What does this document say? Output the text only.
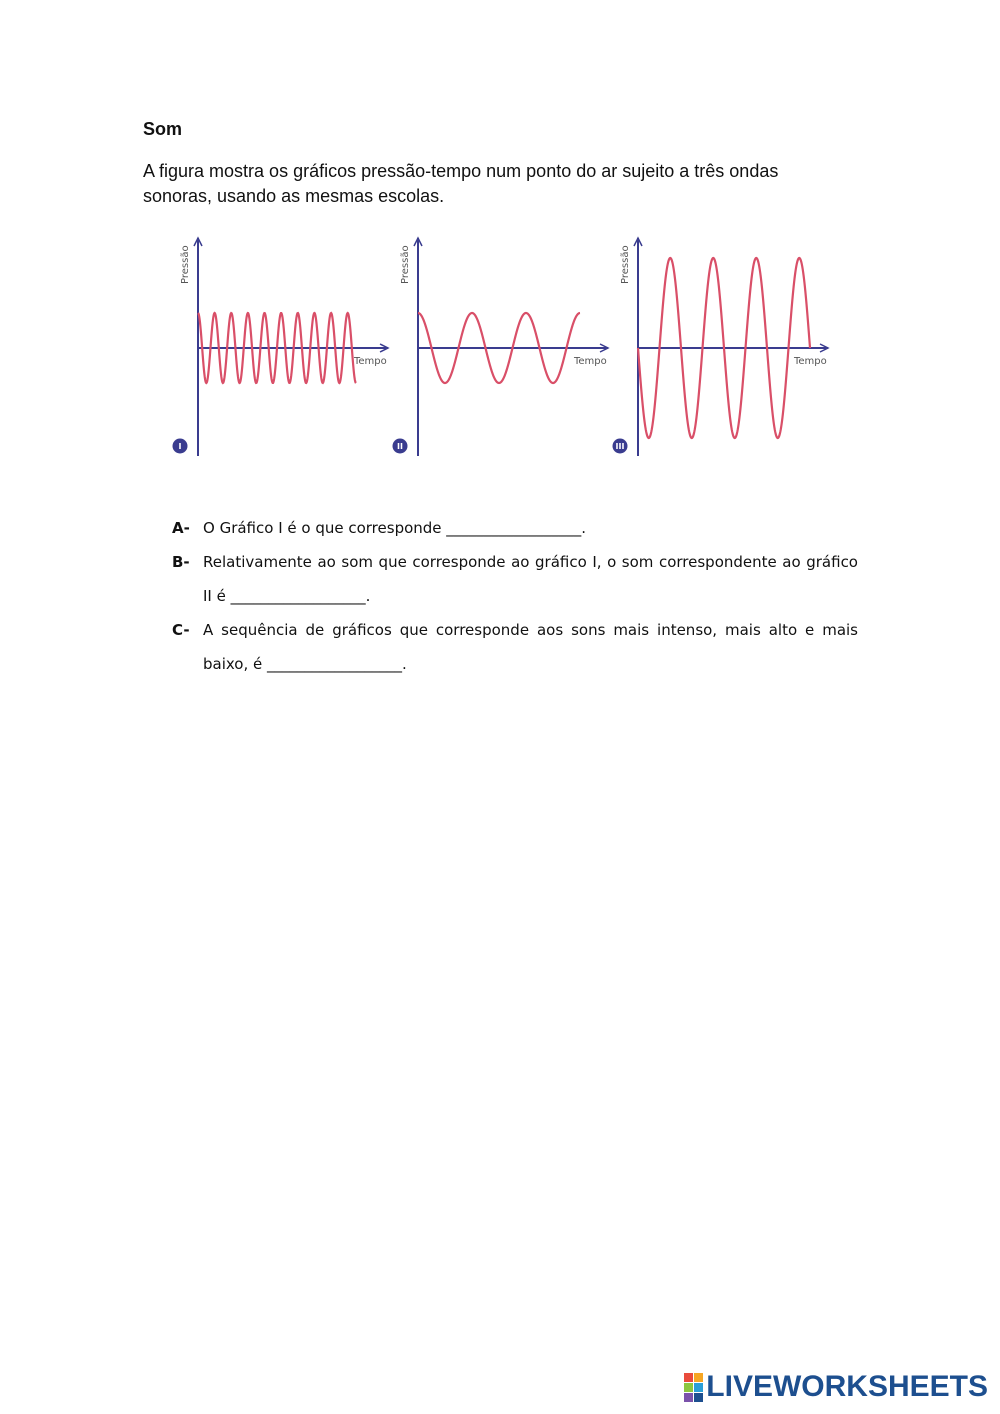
Som
A figura mostra os gráficos pressão-tempo num ponto do ar sujeito a três ondas sonoras, usando as mesmas escolas.
Pressão
Tempo
I
Pressão
Tempo
II
Pressão
Tempo
III
A- O Gráfico I é o que corresponde __________________.
B- Relativamente ao som que corresponde ao gráfico I, o som correspondente ao gráfico II é __________________.
C- A sequência de gráficos que corresponde aos sons mais intenso, mais alto e mais baixo, é __________________.
LIVEWORKSHEETS
